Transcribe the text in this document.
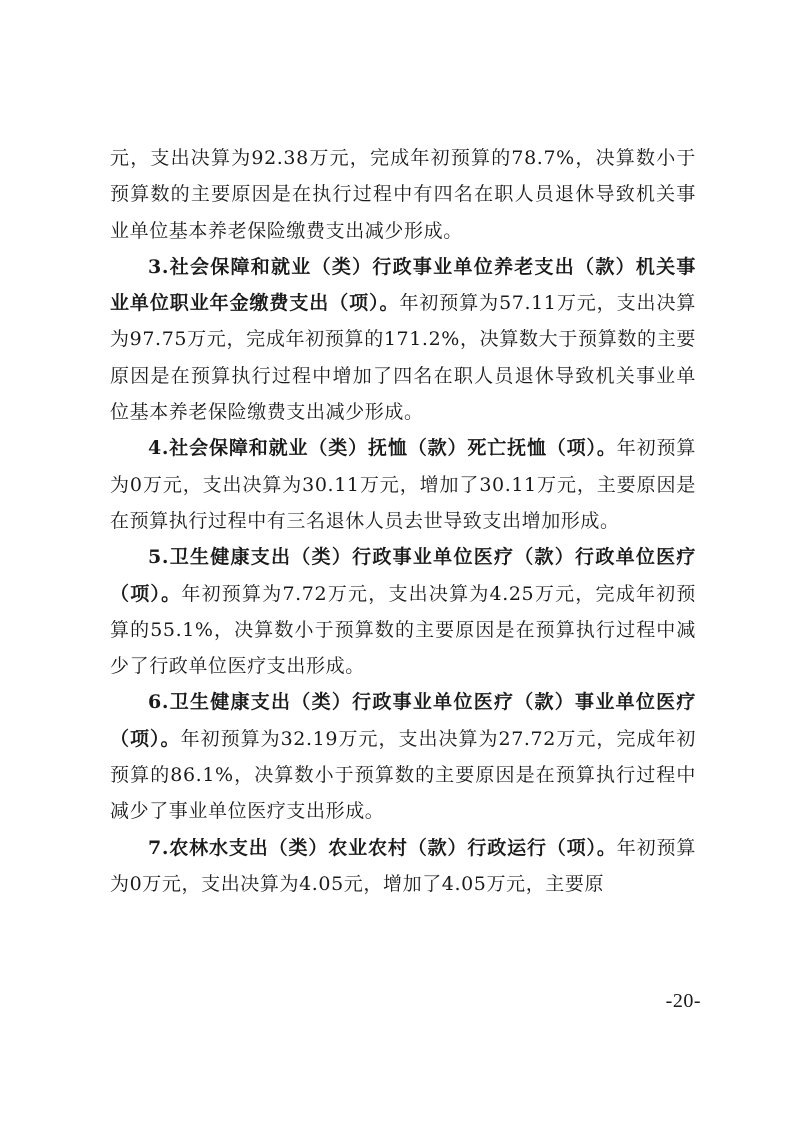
元，支出决算为92.38万元，完成年初预算的78.7%，决算数小于预算数的主要原因是在执行过程中有四名在职人员退休导致机关事业单位基本养老保险缴费支出减少形成。

3.社会保障和就业（类）行政事业单位养老支出（款）机关事业单位职业年金缴费支出（项）。年初预算为57.11万元，支出决算为97.75万元，完成年初预算的171.2%，决算数大于预算数的主要原因是在预算执行过程中增加了四名在职人员退休导致机关事业单位基本养老保险缴费支出减少形成。

4.社会保障和就业（类）抚恤（款）死亡抚恤（项）。年初预算为0万元，支出决算为30.11万元，增加了30.11万元，主要原因是在预算执行过程中有三名退休人员去世导致支出增加形成。

5.卫生健康支出（类）行政事业单位医疗（款）行政单位医疗（项）。年初预算为7.72万元，支出决算为4.25万元，完成年初预算的55.1%，决算数小于预算数的主要原因是在预算执行过程中减少了行政单位医疗支出形成。

6.卫生健康支出（类）行政事业单位医疗（款）事业单位医疗（项）。年初预算为32.19万元，支出决算为27.72万元，完成年初预算的86.1%，决算数小于预算数的主要原因是在预算执行过程中减少了事业单位医疗支出形成。

7.农林水支出（类）农业农村（款）行政运行（项）。年初预算为0万元，支出决算为4.05元，增加了4.05万元，主要原

-20-
